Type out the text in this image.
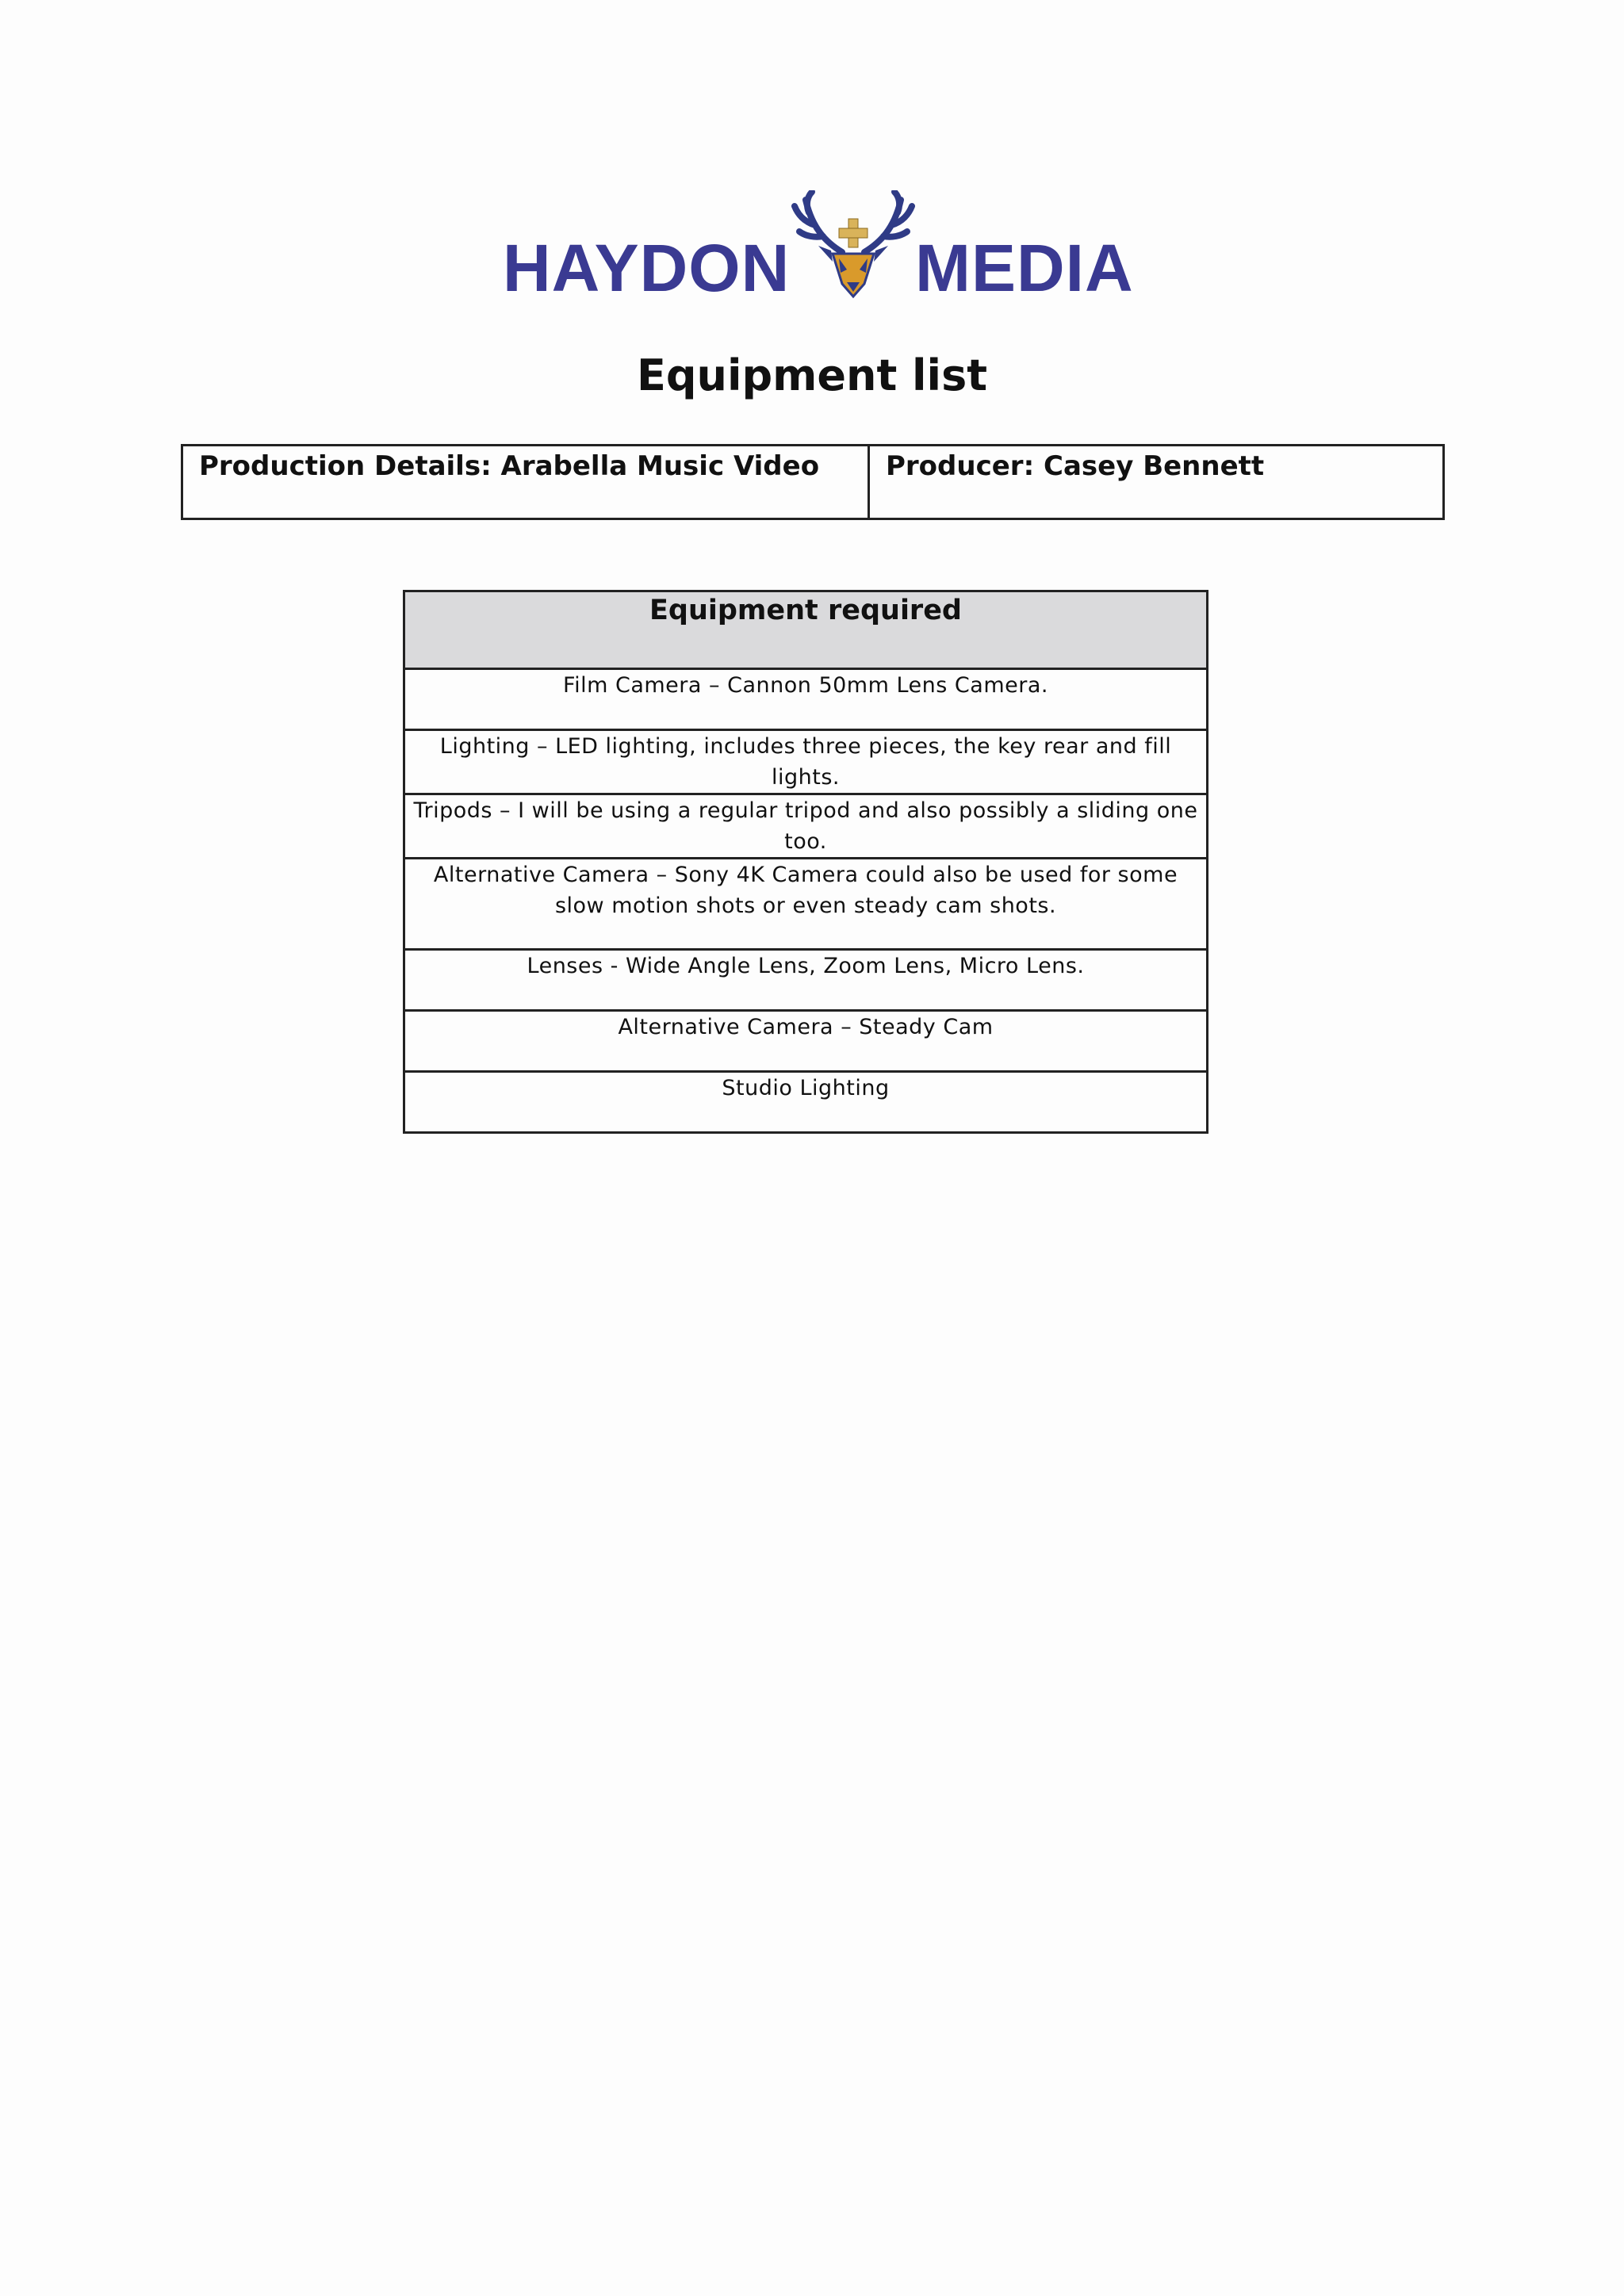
HAYDON MEDIA
Equipment list
Production Details: Arabella Music Video	Producer: Casey Bennett
Equipment required
Film Camera – Cannon 50mm Lens Camera.
Lighting – LED lighting, includes three pieces, the key rear and fill lights.
Tripods – I will be using a regular tripod and also possibly a sliding one too.
Alternative Camera – Sony 4K Camera could also be used for some slow motion shots or even steady cam shots.
Lenses - Wide Angle Lens, Zoom Lens, Micro Lens.
Alternative Camera – Steady Cam
Studio Lighting
